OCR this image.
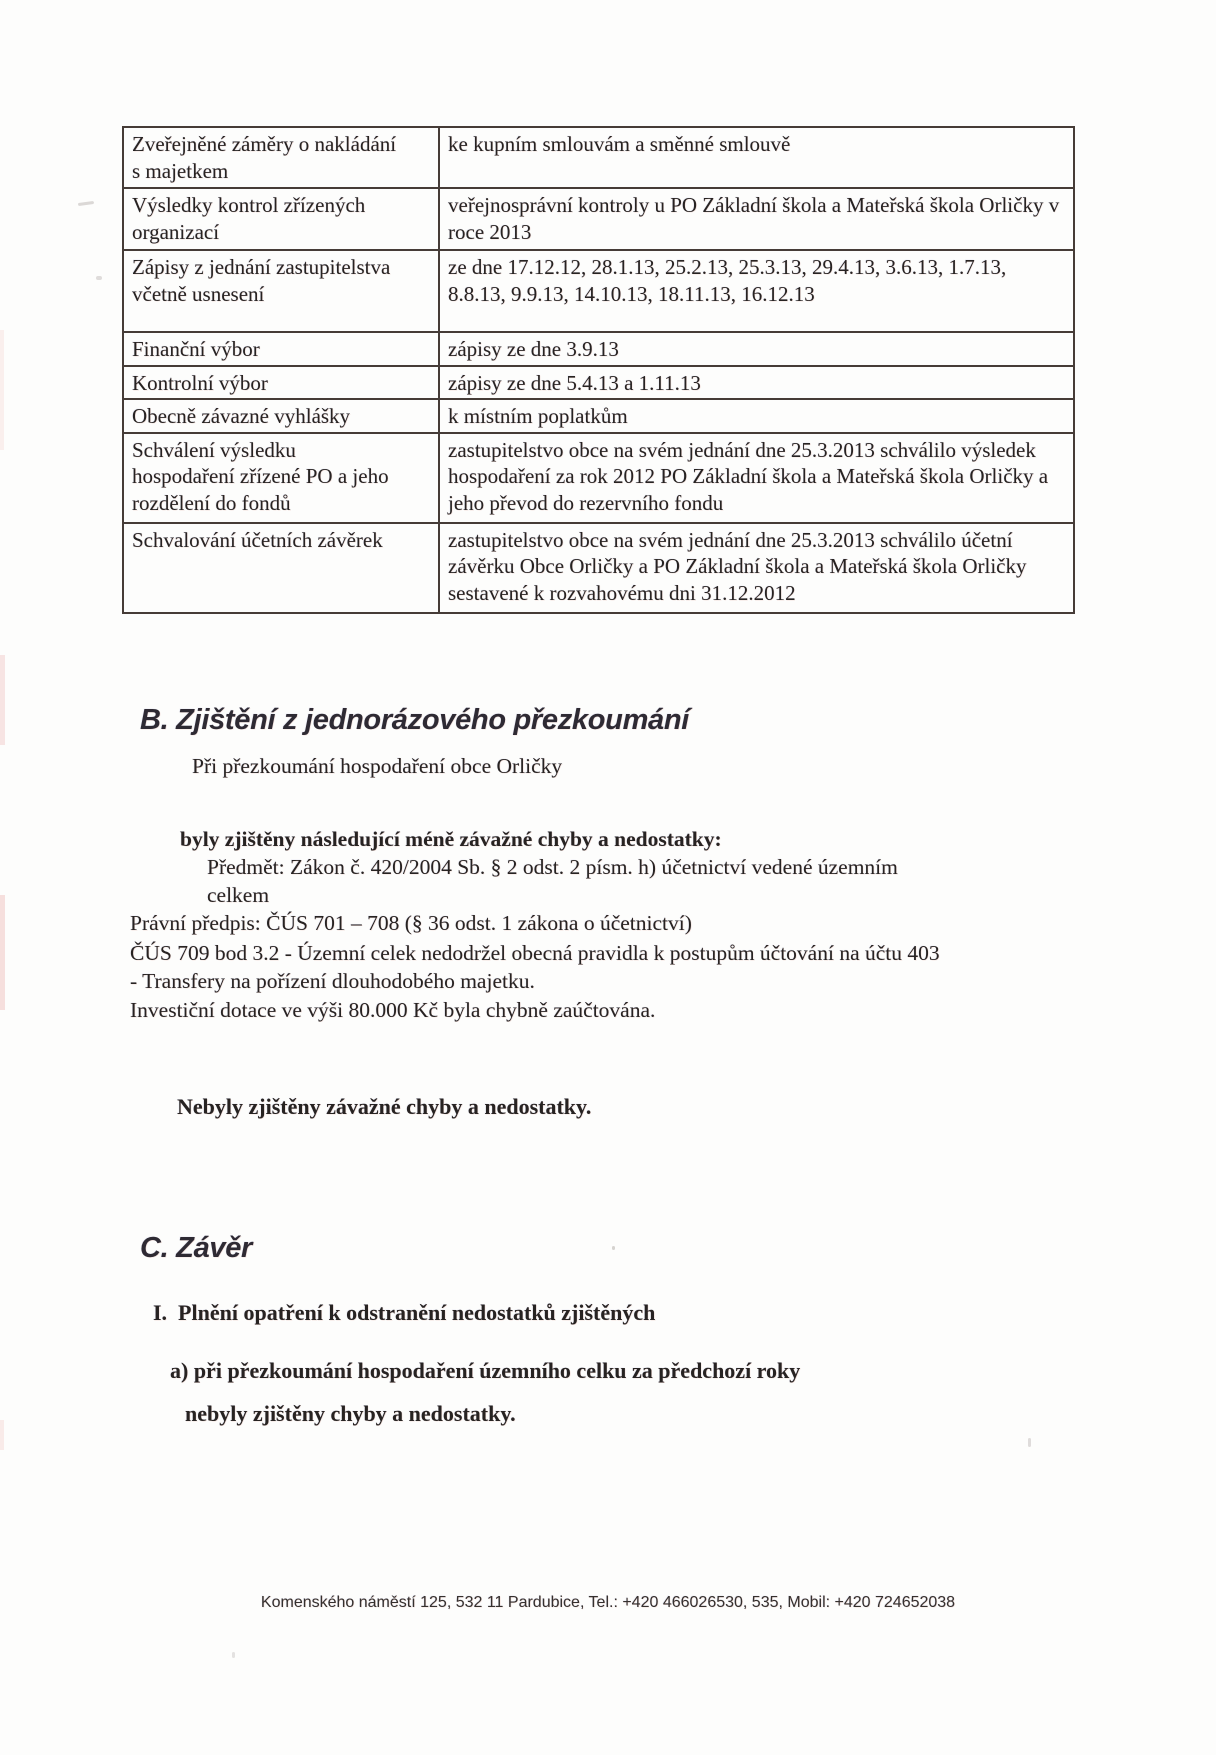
Zveřejněné záměry o nakládání s majetkem	ke kupním smlouvám a směnné smlouvě
Výsledky kontrol zřízených organizací	veřejnosprávní kontroly u PO Základní škola a Mateřská škola Orličky v roce 2013
Zápisy z jednání zastupitelstva včetně usnesení	ze dne 17.12.12, 28.1.13, 25.2.13, 25.3.13, 29.4.13, 3.6.13, 1.7.13, 8.8.13, 9.9.13, 14.10.13, 18.11.13, 16.12.13
Finanční výbor	zápisy ze dne 3.9.13
Kontrolní výbor	zápisy ze dne 5.4.13 a 1.11.13
Obecně závazné vyhlášky	k místním poplatkům
Schválení výsledku hospodaření zřízené PO a jeho rozdělení do fondů	zastupitelstvo obce na svém jednání dne 25.3.2013 schválilo výsledek hospodaření za rok 2012 PO Základní škola a Mateřská škola Orličky a jeho převod do rezervního fondu
Schvalování účetních závěrek	zastupitelstvo obce na svém jednání dne 25.3.2013 schválilo účetní závěrku Obce Orličky a PO Základní škola a Mateřská škola Orličky sestavené k rozvahovému dni 31.12.2012
B. Zjištění z jednorázového přezkoumání
Při přezkoumání hospodaření obce Orličky
byly zjištěny následující méně závažné chyby a nedostatky:
Předmět: Zákon č. 420/2004 Sb. § 2 odst. 2 písm. h) účetnictví vedené územním
celkem
Právní předpis: ČÚS 701 – 708 (§ 36 odst. 1 zákona o účetnictví)
ČÚS 709 bod 3.2 - Územní celek nedodržel obecná pravidla k postupům účtování na účtu 403
- Transfery na pořízení dlouhodobého majetku.
Investiční dotace ve výši 80.000 Kč byla chybně zaúčtována.
Nebyly zjištěny závažné chyby a nedostatky.
C. Závěr
I.  Plnění opatření k odstranění nedostatků zjištěných
a) při přezkoumání hospodaření územního celku za předchozí roky
nebyly zjištěny chyby a nedostatky.
Komenského náměstí 125, 532 11 Pardubice, Tel.: +420 466026530, 535, Mobil: +420 724652038
